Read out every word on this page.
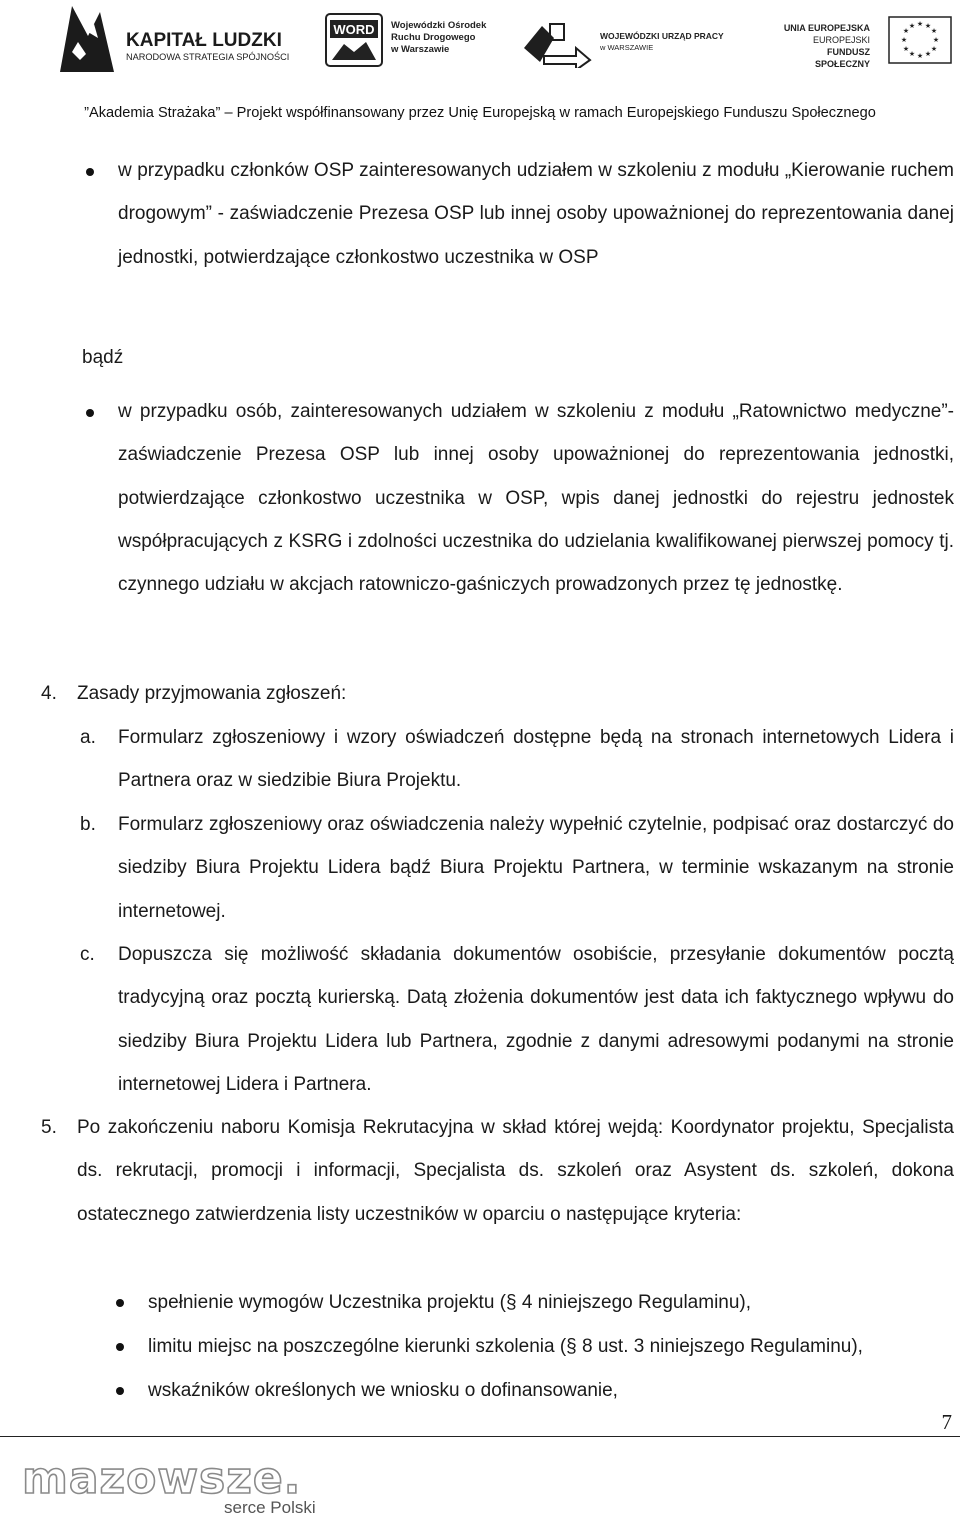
KAPITAŁ LUDZKI
NARODOWA STRATEGIA SPÓJNOŚCI
WORD Wojewódzki Ośrodek
Ruchu Drogowego
w Warszawie
WOJEWÓDZKI URZĄD PRACY
w WARSZAWIE
UNIA EUROPEJSKA
EUROPEJSKI
FUNDUSZ SPOŁECZNY
★ ★
★
★
★
★
★
★
★
★
★
★
”Akademia Strażaka” – Projekt współfinansowany przez Unię Europejską w ramach Europejskiego Funduszu Społecznego
w przypadku członków OSP zainteresowanych udziałem w szkoleniu z modułu „Kierowanie ruchem drogowym” - zaświadczenie Prezesa OSP lub innej osoby upoważnionej do reprezentowania danej jednostki, potwierdzające członkostwo uczestnika w OSP
bądź
w przypadku osób, zainteresowanych udziałem w szkoleniu z modułu „Ratownictwo medyczne”- zaświadczenie Prezesa OSP lub innej osoby upoważnionej do reprezentowania jednostki, potwierdzające członkostwo uczestnika w OSP, wpis danej jednostki do rejestru jednostek współpracujących z KSRG i zdolności uczestnika do udzielania kwalifikowanej pierwszej pomocy tj. czynnego udziału w akcjach ratowniczo-gaśniczych prowadzonych przez tę jednostkę.
4. Zasady przyjmowania zgłoszeń:
a. Formularz zgłoszeniowy i wzory oświadczeń dostępne będą na stronach internetowych Lidera i Partnera oraz w siedzibie Biura Projektu.
b. Formularz zgłoszeniowy oraz oświadczenia należy wypełnić czytelnie, podpisać oraz dostarczyć do siedziby Biura Projektu Lidera bądź Biura Projektu Partnera, w terminie wskazanym na stronie internetowej.
c. Dopuszcza się możliwość składania dokumentów osobiście, przesyłanie dokumentów pocztą tradycyjną oraz pocztą kurierską. Datą złożenia dokumentów jest data ich faktycznego wpływu do siedziby Biura Projektu Lidera lub Partnera, zgodnie z danymi adresowymi podanymi na stronie internetowej Lidera i Partnera.
5. Po zakończeniu naboru Komisja Rekrutacyjna w skład której wejdą: Koordynator projektu, Specjalista ds. rekrutacji, promocji i informacji, Specjalista ds. szkoleń oraz Asystent ds. szkoleń, dokona ostatecznego zatwierdzenia listy uczestników w oparciu o następujące kryteria:
spełnienie wymogów Uczestnika projektu (§ 4 niniejszego Regulaminu),
limitu miejsc na poszczególne kierunki szkolenia (§ 8 ust. 3 niniejszego Regulaminu),
wskaźników określonych we wniosku o dofinansowanie,
7
mazowsze.
serce Polski
